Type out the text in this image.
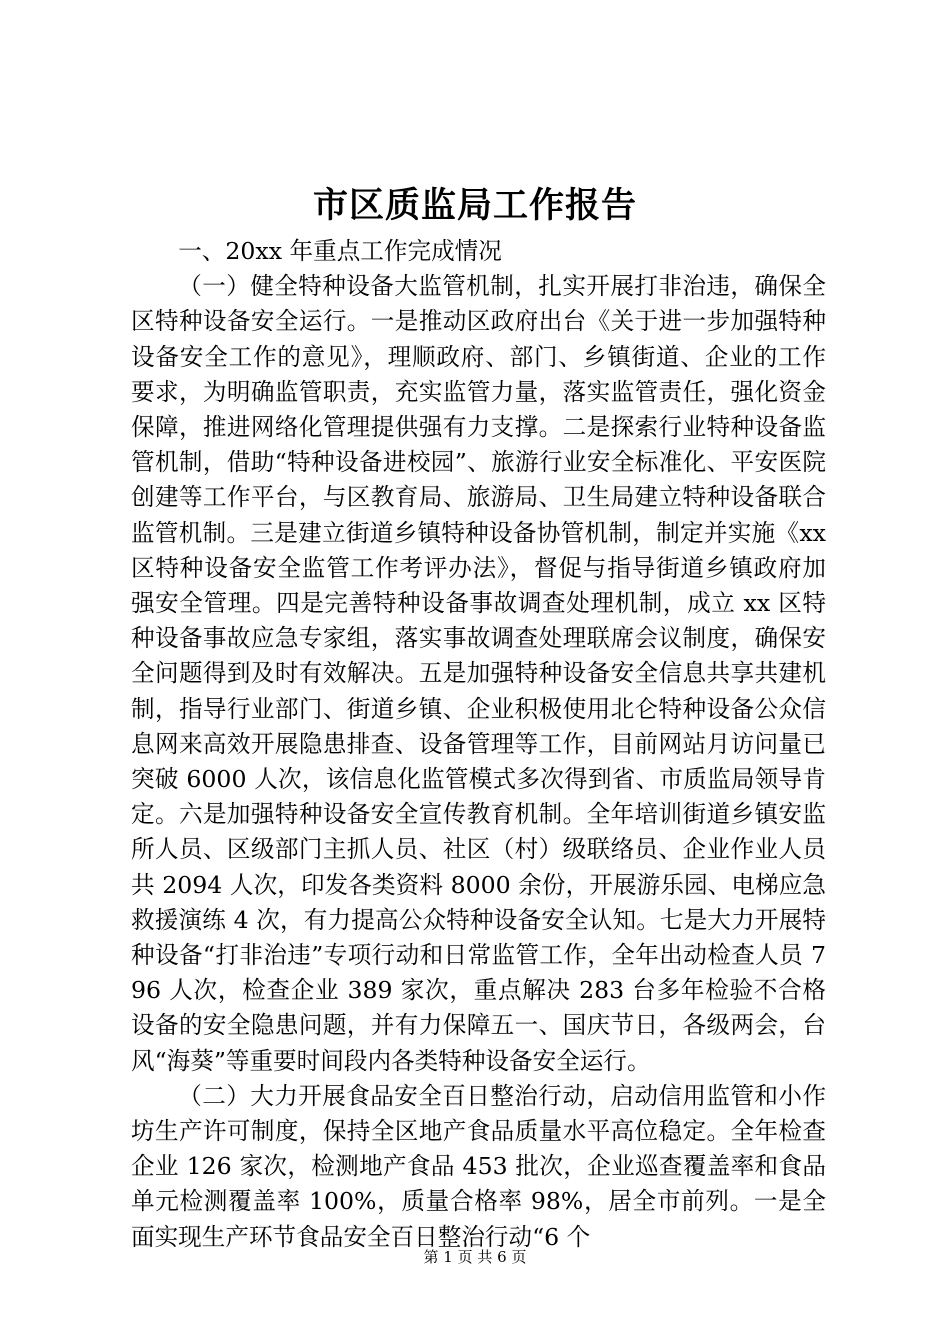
市区质监局工作报告

一、20xx 年重点工作完成情况

（一）健全特种设备大监管机制，扎实开展打非治违，确保全区特种设备安全运行。一是推动区政府出台《关于进一步加强特种设备安全工作的意见》，理顺政府、部门、乡镇街道、企业的工作要求，为明确监管职责，充实监管力量，落实监管责任，强化资金保障，推进网络化管理提供强有力支撑。二是探索行业特种设备监管机制，借助“特种设备进校园”、旅游行业安全标准化、平安医院创建等工作平台，与区教育局、旅游局、卫生局建立特种设备联合监管机制。三是建立街道乡镇特种设备协管机制，制定并实施《xx 区特种设备安全监管工作考评办法》，督促与指导街道乡镇政府加强安全管理。四是完善特种设备事故调查处理机制，成立 xx 区特种设备事故应急专家组，落实事故调查处理联席会议制度，确保安全问题得到及时有效解决。五是加强特种设备安全信息共享共建机制，指导行业部门、街道乡镇、企业积极使用北仑特种设备公众信息网来高效开展隐患排查、设备管理等工作，目前网站月访问量已突破 6000 人次，该信息化监管模式多次得到省、市质监局领导肯定。六是加强特种设备安全宣传教育机制。全年培训街道乡镇安监所人员、区级部门主抓人员、社区（村）级联络员、企业作业人员共 2094 人次，印发各类资料 8000 余份，开展游乐园、电梯应急救援演练 4 次，有力提高公众特种设备安全认知。七是大力开展特种设备“打非治违”专项行动和日常监管工作，全年出动检查人员 796 人次，检查企业 389 家次，重点解决 283 台多年检验不合格设备的安全隐患问题，并有力保障五一、国庆节日，各级两会，台风“海葵”等重要时间段内各类特种设备安全运行。

（二）大力开展食品安全百日整治行动，启动信用监管和小作坊生产许可制度，保持全区地产食品质量水平高位稳定。全年检查企业 126 家次，检测地产食品 453 批次，企业巡查覆盖率和食品单元检测覆盖率 100%，质量合格率 98%，居全市前列。一是全面实现生产环节食品安全百日整治行动“6 个

第 1 页 共 6 页
